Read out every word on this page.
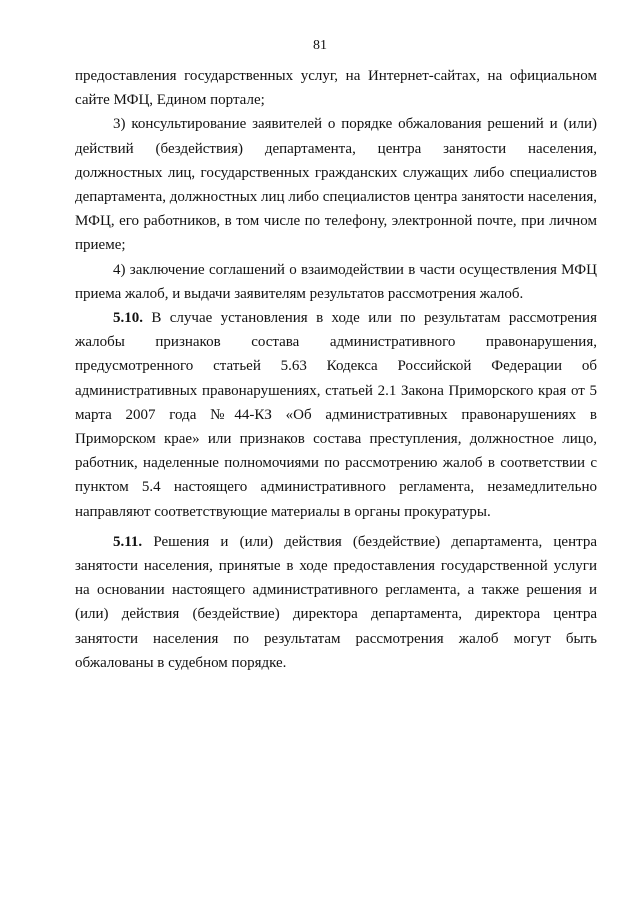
81

предоставления государственных услуг, на Интернет-сайтах, на официальном сайте МФЦ, Едином портале;

3) консультирование заявителей о порядке обжалования решений и (или) действий (бездействия) департамента, центра занятости населения, должностных лиц, государственных гражданских служащих либо специалистов департамента, должностных лиц либо специалистов центра занятости населения, МФЦ, его работников, в том числе по телефону, электронной почте, при личном приеме;

4) заключение соглашений о взаимодействии в части осуществления МФЦ приема жалоб, и выдачи заявителям результатов рассмотрения жалоб.

5.10. В случае установления в ходе или по результатам рассмотрения жалобы признаков состава административного правонарушения, предусмотренного статьей 5.63 Кодекса Российской Федерации об административных правонарушениях, статьей 2.1 Закона Приморского края от 5 марта 2007 года №44-КЗ «Об административных правонарушениях в Приморском крае» или признаков состава преступления, должностное лицо, работник, наделенные полномочиями по рассмотрению жалоб в соответствии с пунктом 5.4 настоящего административного регламента, незамедлительно направляют соответствующие материалы в органы прокуратуры.

5.11. Решения и (или) действия (бездействие) департамента, центра занятости населения, принятые в ходе предоставления государственной услуги на основании настоящего административного регламента, а также решения и (или) действия (бездействие) директора департамента, директора центра занятости населения по результатам рассмотрения жалоб могут быть обжалованы в судебном порядке.
